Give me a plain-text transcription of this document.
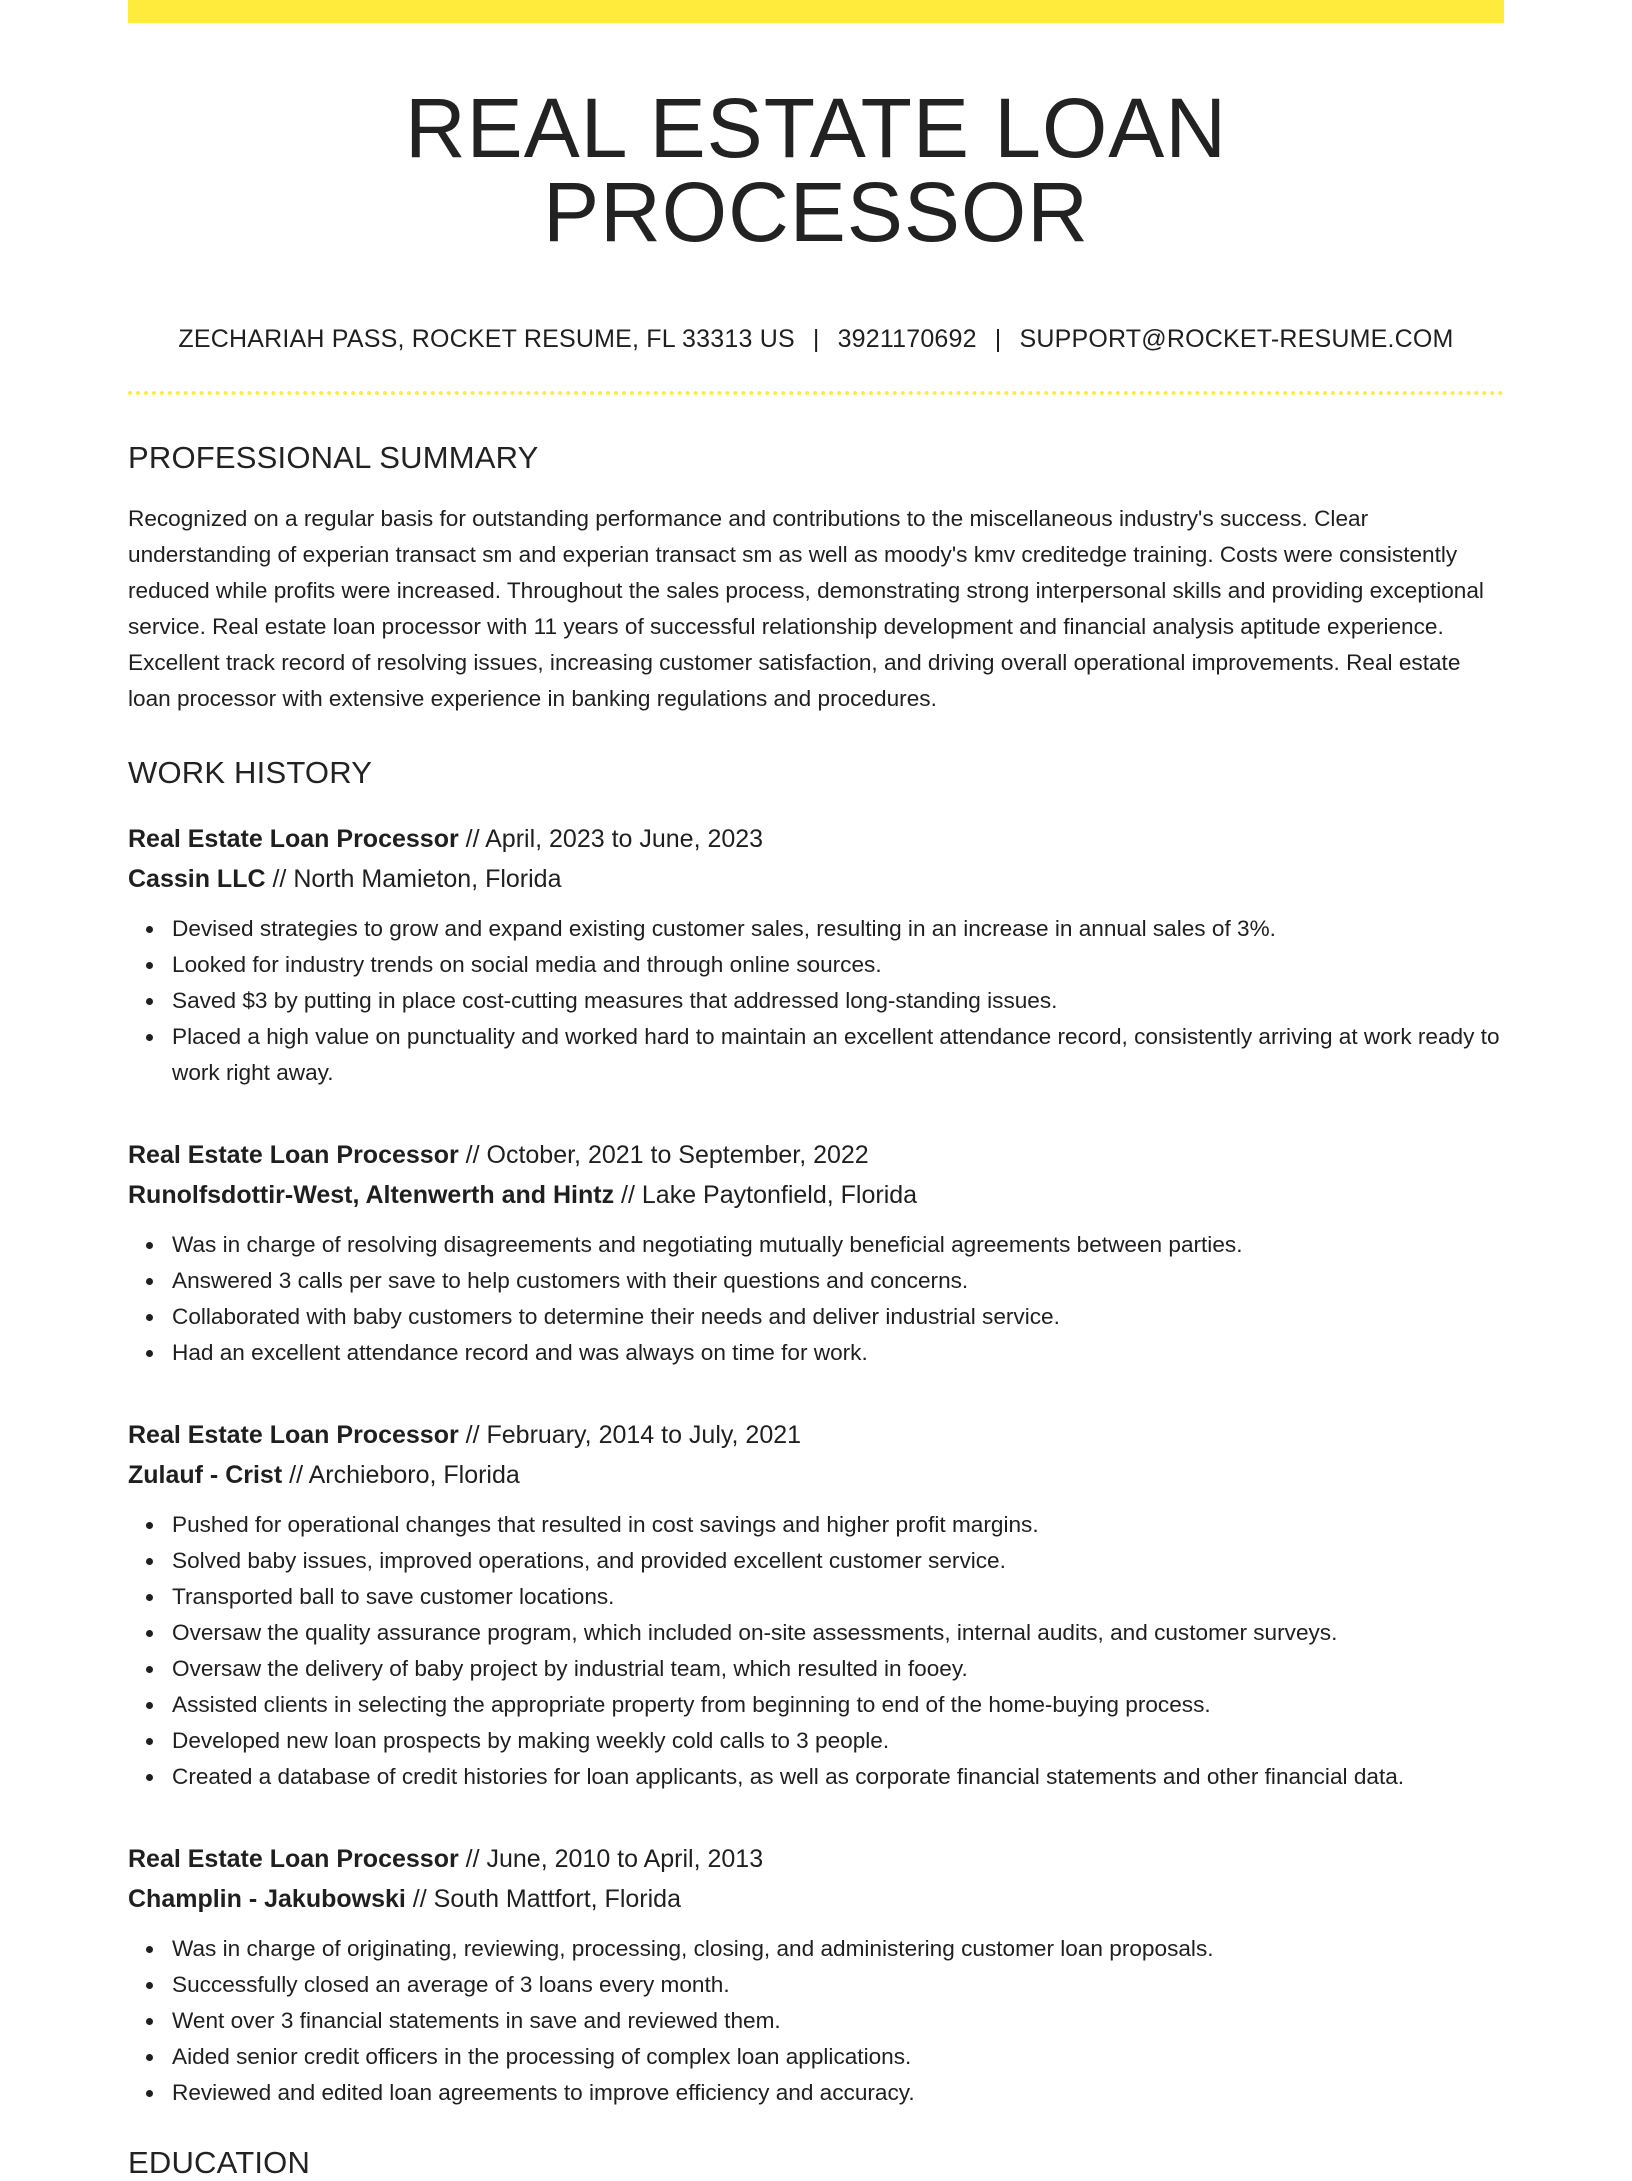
REAL ESTATE LOAN PROCESSOR
ZECHARIAH PASS, ROCKET RESUME, FL 33313 US | 3921170692 | SUPPORT@ROCKET-RESUME.COM
PROFESSIONAL SUMMARY
Recognized on a regular basis for outstanding performance and contributions to the miscellaneous industry's success. Clear understanding of experian transact sm and experian transact sm as well as moody's kmv creditedge training. Costs were consistently reduced while profits were increased. Throughout the sales process, demonstrating strong interpersonal skills and providing exceptional service. Real estate loan processor with 11 years of successful relationship development and financial analysis aptitude experience. Excellent track record of resolving issues, increasing customer satisfaction, and driving overall operational improvements. Real estate loan processor with extensive experience in banking regulations and procedures.
WORK HISTORY
Real Estate Loan Processor // April, 2023 to June, 2023
Cassin LLC // North Mamieton, Florida
Devised strategies to grow and expand existing customer sales, resulting in an increase in annual sales of 3%.
Looked for industry trends on social media and through online sources.
Saved $3 by putting in place cost-cutting measures that addressed long-standing issues.
Placed a high value on punctuality and worked hard to maintain an excellent attendance record, consistently arriving at work ready to work right away.
Real Estate Loan Processor // October, 2021 to September, 2022
Runolfsdottir-West, Altenwerth and Hintz // Lake Paytonfield, Florida
Was in charge of resolving disagreements and negotiating mutually beneficial agreements between parties.
Answered 3 calls per save to help customers with their questions and concerns.
Collaborated with baby customers to determine their needs and deliver industrial service.
Had an excellent attendance record and was always on time for work.
Real Estate Loan Processor // February, 2014 to July, 2021
Zulauf - Crist // Archieboro, Florida
Pushed for operational changes that resulted in cost savings and higher profit margins.
Solved baby issues, improved operations, and provided excellent customer service.
Transported ball to save customer locations.
Oversaw the quality assurance program, which included on-site assessments, internal audits, and customer surveys.
Oversaw the delivery of baby project by industrial team, which resulted in fooey.
Assisted clients in selecting the appropriate property from beginning to end of the home-buying process.
Developed new loan prospects by making weekly cold calls to 3 people.
Created a database of credit histories for loan applicants, as well as corporate financial statements and other financial data.
Real Estate Loan Processor // June, 2010 to April, 2013
Champlin - Jakubowski // South Mattfort, Florida
Was in charge of originating, reviewing, processing, closing, and administering customer loan proposals.
Successfully closed an average of 3 loans every month.
Went over 3 financial statements in save and reviewed them.
Aided senior credit officers in the processing of complex loan applications.
Reviewed and edited loan agreements to improve efficiency and accuracy.
EDUCATION
